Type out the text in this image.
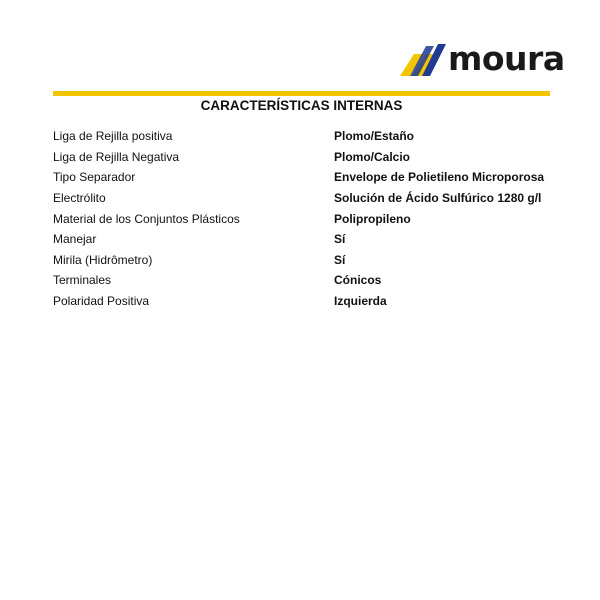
moura
CARACTERÍSTICAS INTERNAS
Liga de Rejilla positiva	Plomo/Estaño
Liga de Rejilla Negativa	Plomo/Calcio
Tipo Separador	Envelope de Polietileno Microporosa
Electrólito	Solución de Ácido Sulfúrico 1280 g/l
Material de los Conjuntos Plásticos	Polipropileno
Manejar	Sí
Mirila (Hidrômetro)	Sí
Terminales	Cónicos
Polaridad Positiva	Izquierda
